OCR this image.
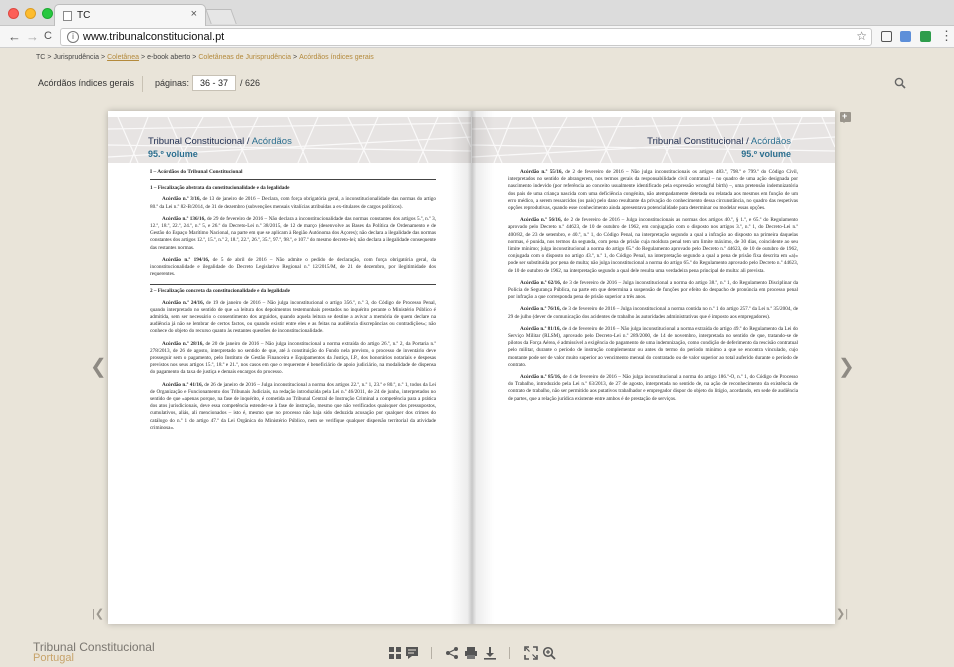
TC	×
← → C	i www.tribunalconstitucional.pt	☆	⋮
TC > Jurisprudência > Coletânea > e-book aberto > Coletâneas de Jurisprudência > Acórdãos índices gerais
Acórdãos índices gerais páginas:
36 - 37	/ 626
❮	❯
|❮	❯|
+
Tribunal Constitucional / Acórdãos
95.º volume
I – Acórdãos do Tribunal Constitucional
1 – Fiscalização abstrata da constitucionalidade e da legalidade

Acórdão n.º 3/16, de 13 de janeiro de 2016 – Declara, com força obrigatória geral, a inconstitucionalidade das normas do artigo 80.º da Lei n.º 82-B/2014, de 31 de dezembro (subvenções mensais vitalícias atribuídas a ex-titulares de cargos políticos).

Acórdão n.º 136/16, de 29 de fevereiro de 2016 – Não declara a inconstitucionalidade das normas constantes dos artigos 5.º, n.º 3, 12.º, 18.º, 22.º, 24.º, n.º 5, e 26.º do Decreto-Lei n.º 38/2015, de 12 de março (desenvolve as Bases da Política de Ordenamento e de Gestão do Espaço Marítimo Nacional, na parte em que se aplicam à Região Autónoma dos Açores); não declara a ilegalidade das normas constantes dos artigos 12.º, 15.º, n.º 2, 18.º, 22.º, 26.º, 35.º, 97.º, 98.º, e 107.º do mesmo decreto-lei; não declara a ilegalidade consequente das restantes normas.

Acórdão n.º 194/16, de 5 de abril de 2016 – Não admite o pedido de declaração, com força obrigatória geral, da inconstitucionalidade e ilegalidade do Decreto Legislativo Regional n.º 12/2015/M, de 21 de dezembro, por ilegitimidade dos requerentes.

2 – Fiscalização concreta da constitucionalidade e da legalidade

Acórdão n.º 24/16, de 19 de janeiro de 2016 – Não julga inconstitucional o artigo 356.º, n.º 3, do Código de Processo Penal, quando interpretado no sentido de que «a leitura dos depoimentos testemunhais prestados no inquérito perante o Ministério Público é admitida, sem ser necessário o consentimento dos arguidos, quando aquela leitura se destine a avivar a memória de quem declare na audiência já não se lembrar de certos factos, ou quando existir entre eles e as feitas na audiência discrepâncias ou contradições»; não conhece do objeto do recurso quanto às restantes questões de inconstitucionalidade.

Acórdão n.º 28/16, de 20 de janeiro de 2016 – Não julga inconstitucional a norma extraída do artigo 26.º, n.º 2, da Portaria n.º 278/2013, de 26 de agosto, interpretado no sentido de que, até à constituição do Fundo nela previsto, o processo de inventário deve prosseguir sem o pagamento, pelo Instituto de Gestão Financeira e Equipamentos da Justiça, I.P., dos honorários notariais e despesas previstos nos seus artigos 15.º, 18.º e 21.º, nos casos em que o requerente é beneficiário de apoio judiciário, na modalidade de dispensa do pagamento da taxa de justiça e demais encargos do processo.

Acórdão n.º 41/16, de 26 de janeiro de 2016 – Julga inconstitucional a norma dos artigos 22.º, n.º 1, 23.º e 80.º, n.º 1, todos da Lei de Organização e Funcionamento dos Tribunais Judiciais, na redação introduzida pela Lei n.º 46/2011, de 24 de junho, interpretados no sentido de que «apenas porque, na fase de inquérito, é cometida ao Tribunal Central de Instrução Criminal a competência para a prática dos atos jurisdicionais, deve essa competência estender-se à fase de instrução, mesmo que não verificados quaisquer dos pressupostos, cumulativos, aliás, ali mencionados – isto é, mesmo que no processo não haja sido deduzida acusação por qualquer dos crimes do catálogo do n.º 1 do artigo 47.º da Lei Orgânica do Ministério Público, nem se verifique qualquer dispersão territorial da atividade criminosa».

Tribunal Constitucional / Acórdãos
95.º volume

Acórdão n.º 55/16, de 2 de fevereiro de 2016 – Não julga inconstitucionais os artigos 483.º, 798.º e 799.º do Código Civil, interpretados no sentido de abrangerem, nos termos gerais da responsabilidade civil contratual – no quadro de uma ação designada por nascimento indevido (por referência ao conceito usualmente identificado pela expressão wrongful birth) –, uma pretensão indemnizatória dos pais de uma criança nascida com uma deficiência congénita, não atempadamente detetada ou relatada aos mesmos em função de um erro médico, a serem ressarcidos (os pais) pelo dano resultante da privação do conhecimento dessa circunstância, no quadro das respetivas opções reprodutivas, quando esse conhecimento ainda apresentava potencialidade para determinar ou modelar essas opções.

Acórdão n.º 56/16, de 2 de fevereiro de 2016 – Julga inconstitucionais as normas dos artigos 40.º, § 1.º, e 65.º do Regulamento aprovado pelo Decreto n.º 44623, de 10 de outubro de 1962, em conjugação com o disposto nos artigos 3.º, n.º 1, do Decreto-Lei n.º 400/82, de 23 de setembro, e 40.º, n.º 1, do Código Penal, na interpretação segundo a qual a infração ao disposto na primeira daquelas normas, é punida, nos termos da segunda, com pena de prisão cuja moldura penal tem um limite máximo, de 30 dias, coincidente ao seu limite mínimo; julga inconstitucional a norma do artigo 65.º do Regulamento aprovado pelo Decreto n.º 44623, de 10 de outubro de 1962, conjugada com o disposto no artigo 43.º, n.º 1, do Código Penal, na interpretação segundo a qual a pena de prisão fixa descrita em «a)» pode ser substituída por pena de multa; não julga inconstitucional a norma do artigo 65.º do Regulamento aprovado pelo Decreto n.º 44623, de 10 de outubro de 1962, na interpretação segundo a qual dele resulta uma verdadeira pena principal de multa: ali prevista.

Acórdão n.º 62/16, de 3 de fevereiro de 2016 – Julga inconstitucional a norma do artigo 38.º, n.º 1, do Regulamento Disciplinar da Polícia de Segurança Pública, na parte em que determina a suspensão de funções por efeito do despacho de pronúncia em processo penal por infração a que corresponda pena de prisão superior a três anos.

Acórdão n.º 76/16, de 3 de fevereiro de 2016 – Julga inconstitucional a norma contida no n.º 1 do artigo 257.º da Lei n.º 35/2004, de 29 de julho (dever de comunicação dos acidentes de trabalho às autoridades administrativas que é imposto aos empregadores).

Acórdão n.º 81/16, de 4 de fevereiro de 2016 – Não julga inconstitucional a norma extraída do artigo 49.º do Regulamento da Lei do Serviço Militar (RLSM), aprovado pelo Decreto-Lei n.º 289/2000, de 14 de novembro, interpretada no sentido de que, tratando-se de pilotos da Força Aérea, é admissível a exigência do pagamento de uma indemnização, como condição de deferimento da rescisão contratual pelo militar, durante o período de instrução complementar ou antes do termo do período mínimo a que se encontra vinculado, cujo montante pode ser de valor muito superior ao vencimento mensal do contratado ou de valor superior ao total auferido durante o período de contrato.

Acórdão n.º 85/16, de 4 de fevereiro de 2016 – Não julga inconstitucional a norma do artigo 186.º-O, n.º 1, do Código de Processo do Trabalho, introduzido pela Lei n.º 63/2013, de 27 de agosto, interpretada no sentido de, na ação de reconhecimento da existência de contrato de trabalho, não ser permitido aos putativos trabalhador e empregador dispor do objeto do litígio, acordando, em sede de audiência de partes, que a relação jurídica existente entre ambos é de prestação de serviços.

Tribunal Constitucional
Portugal
